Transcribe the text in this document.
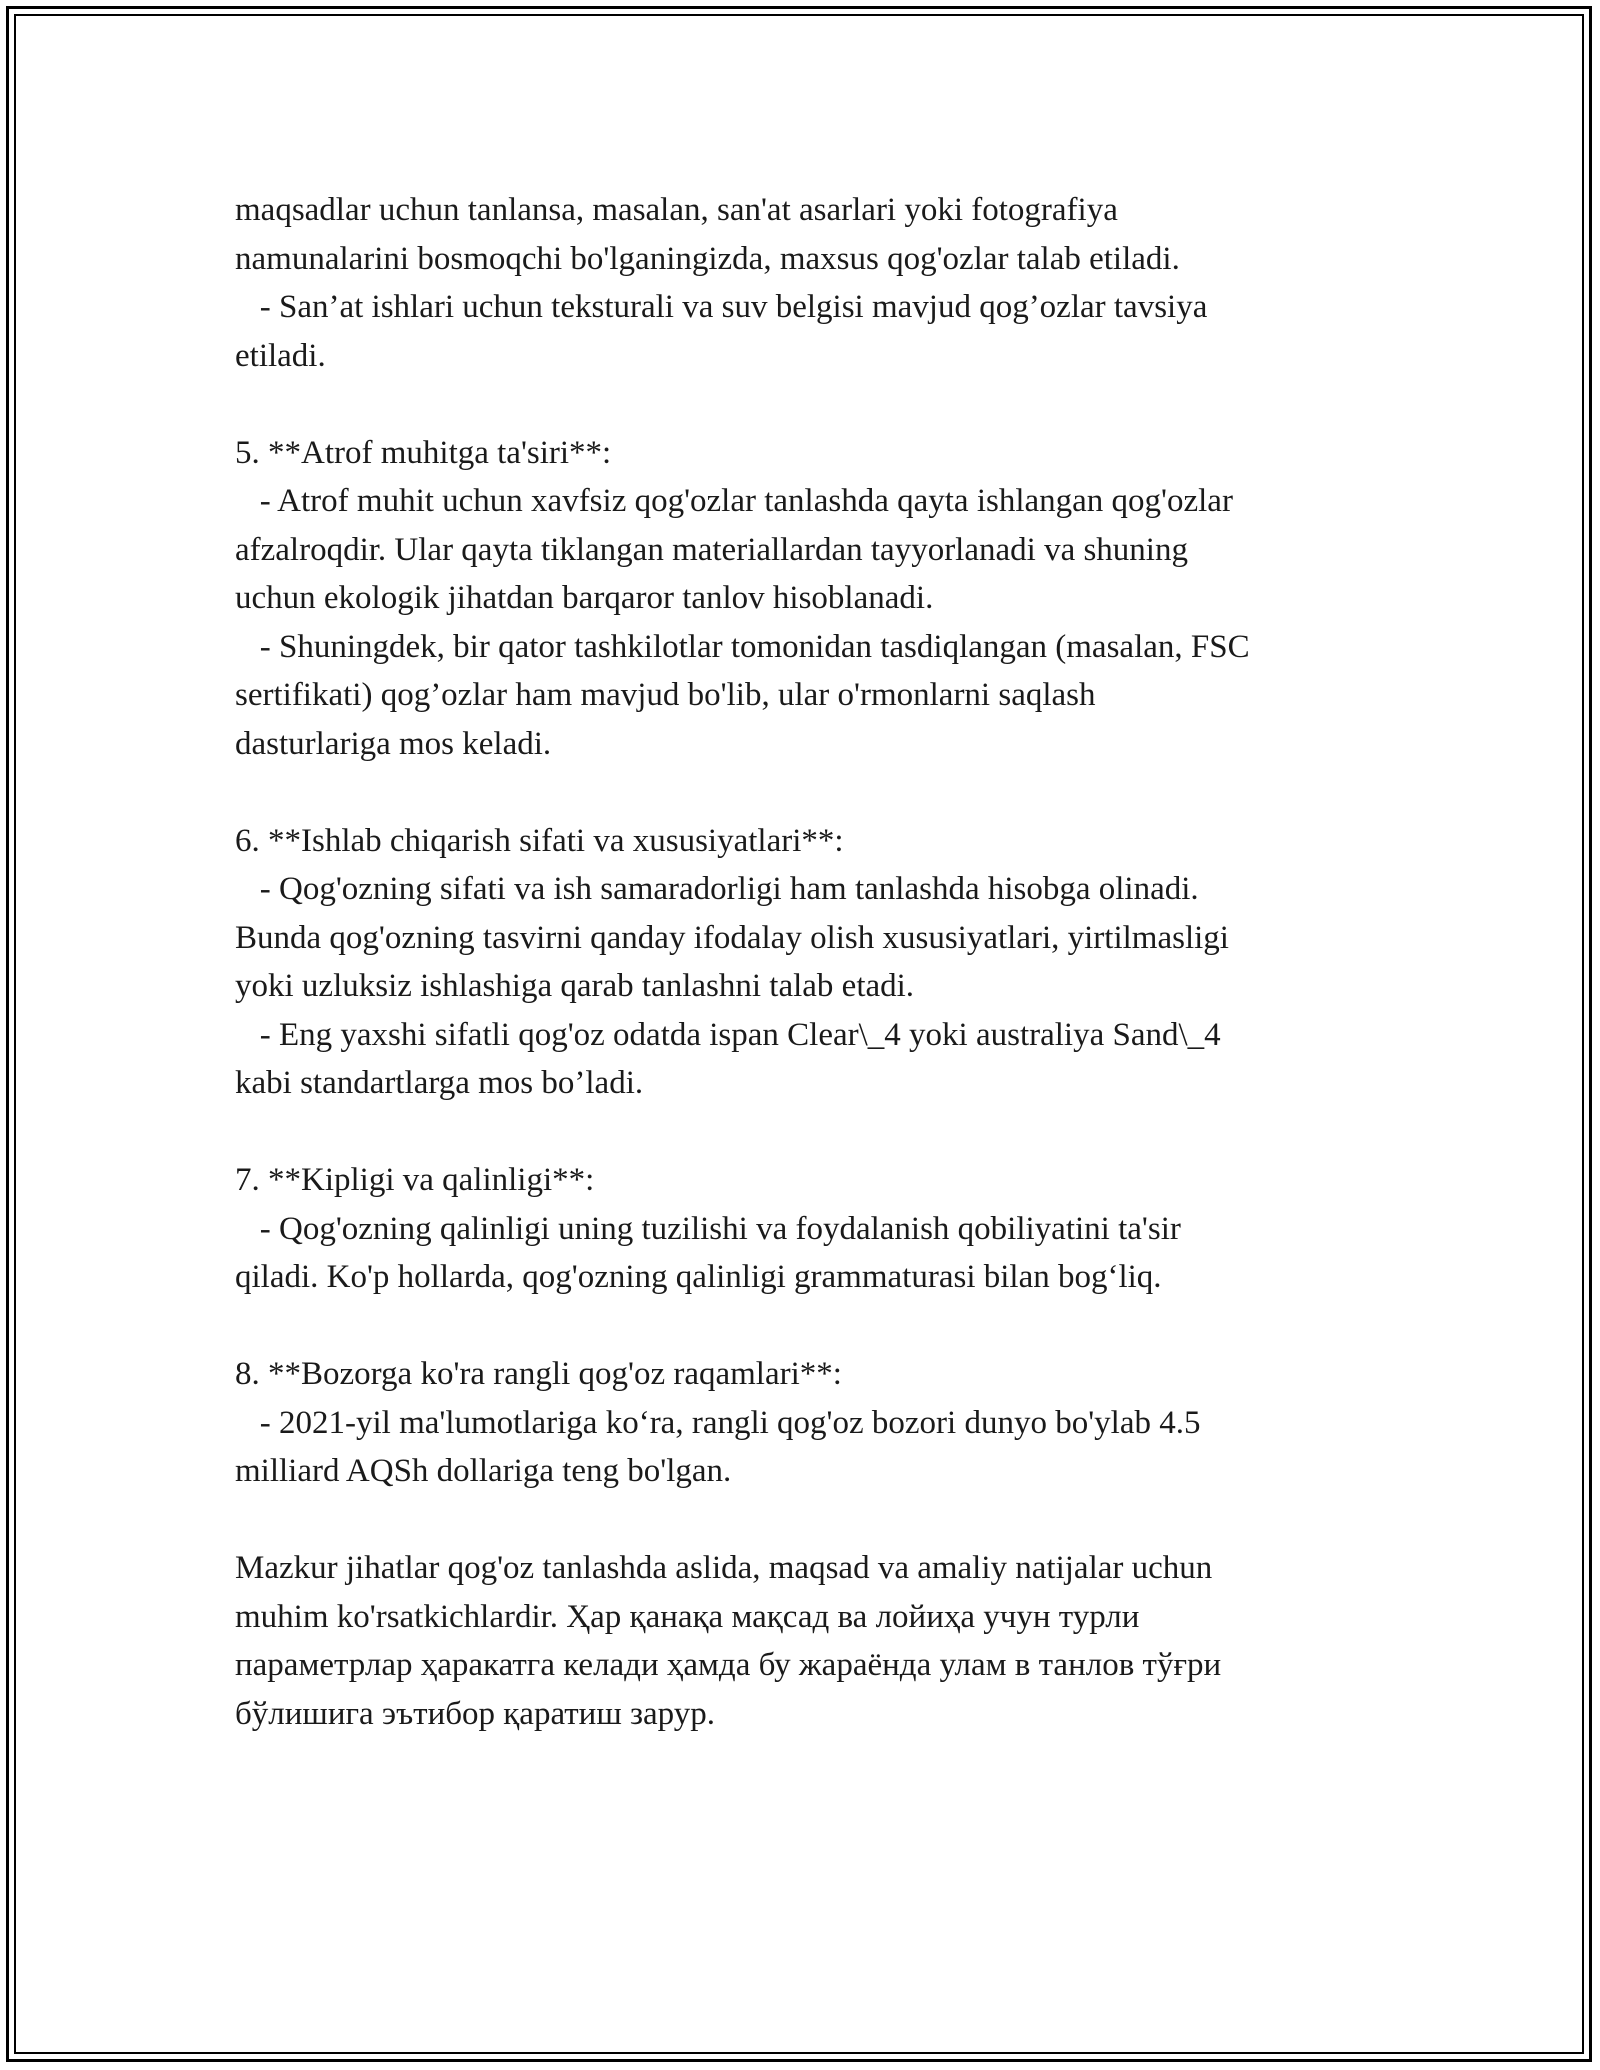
maqsadlar uchun tanlansa, masalan, san'at asarlari yoki fotografiya
namunalarini bosmoqchi bo'lganingizda, maxsus qog'ozlar talab etiladi.
- San’at ishlari uchun teksturali va suv belgisi mavjud qog’ozlar tavsiya
etiladi.
5. **Atrof muhitga ta'siri**:
- Atrof muhit uchun xavfsiz qog'ozlar tanlashda qayta ishlangan qog'ozlar
afzalroqdir. Ular qayta tiklangan materiallardan tayyorlanadi va shuning
uchun ekologik jihatdan barqaror tanlov hisoblanadi.
- Shuningdek, bir qator tashkilotlar tomonidan tasdiqlangan (masalan, FSC
sertifikati) qog’ozlar ham mavjud bo'lib, ular o'rmonlarni saqlash
dasturlariga mos keladi.
6. **Ishlab chiqarish sifati va xususiyatlari**:
- Qog'ozning sifati va ish samaradorligi ham tanlashda hisobga olinadi.
Bunda qog'ozning tasvirni qanday ifodalay olish xususiyatlari, yirtilmasligi
yoki uzluksiz ishlashiga qarab tanlashni talab etadi.
- Eng yaxshi sifatli qog'oz odatda ispan Clear\_4 yoki australiya Sand\_4
kabi standartlarga mos bo’ladi.
7. **Kipligi va qalinligi**:
- Qog'ozning qalinligi uning tuzilishi va foydalanish qobiliyatini ta'sir
qiladi. Ko'p hollarda, qog'ozning qalinligi grammaturasi bilan bog‘liq.
8. **Bozorga ko'ra rangli qog'oz raqamlari**:
- 2021-yil ma'lumotlariga ko‘ra, rangli qog'oz bozori dunyo bo'ylab 4.5
milliard AQSh dollariga teng bo'lgan.
Mazkur jihatlar qog'oz tanlashda aslida, maqsad va amaliy natijalar uchun
muhim ko'rsatkichlardir. Ҳар қанақа мақсад ва лойиҳа учун турли
параметрлар ҳаракатга келади ҳамда бу жараёнда улам в танлов тўғри
бўлишига эътибор қаратиш зарур.
